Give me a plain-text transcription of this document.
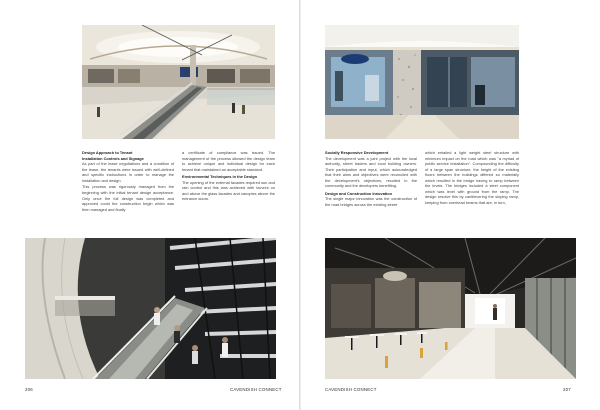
Design Approach to Tenant
Installation Controls and Signage

As part of the lease negotiations and a condition of the lease, the tenants were issued with well-defined and specific instructions in order to manage the installation and design.

This process was rigorously managed from the beginning with the initial tenant design acceptance. Only once the full design was completed and approved could the construction begin which was then managed and finally

a certificate of compliance was issued. The management of the process allowed the design team to achieve unique and individual design for each tenant that maintained an acceptable standard.

Environmental Techniques in the Design

The opening of the external facades required sun and rain control and this was achieved with louvres on and above the glass facades and canopies above the entrance doors.

206	CAVENDISH CONNECT
Socially Responsive Development

The development was a joint project with the local authority, street traders and local building owners. Their participation and input, which acknowledged that their aims and objectives were reconciled with the development's objectives, resulted in the community and the developers benefiting.

Design and Construction Innovation

The single major innovation was the construction of the road bridges across the existing street

which entailed a light weight steel structure with minimum impact on the road which was "a myriad of public service installation". Compounding the difficulty of a large span structure, the height of the existing floors between the buildings differed so materially which resulted in the bridge having to ramp between the levels. The bridges included a steel component which was level with ground from the ramp. The design resolve this by cantilevering the sloping ramp, keeping from overhead beams that are, in turn,

CAVENDISH CONNECT	207
